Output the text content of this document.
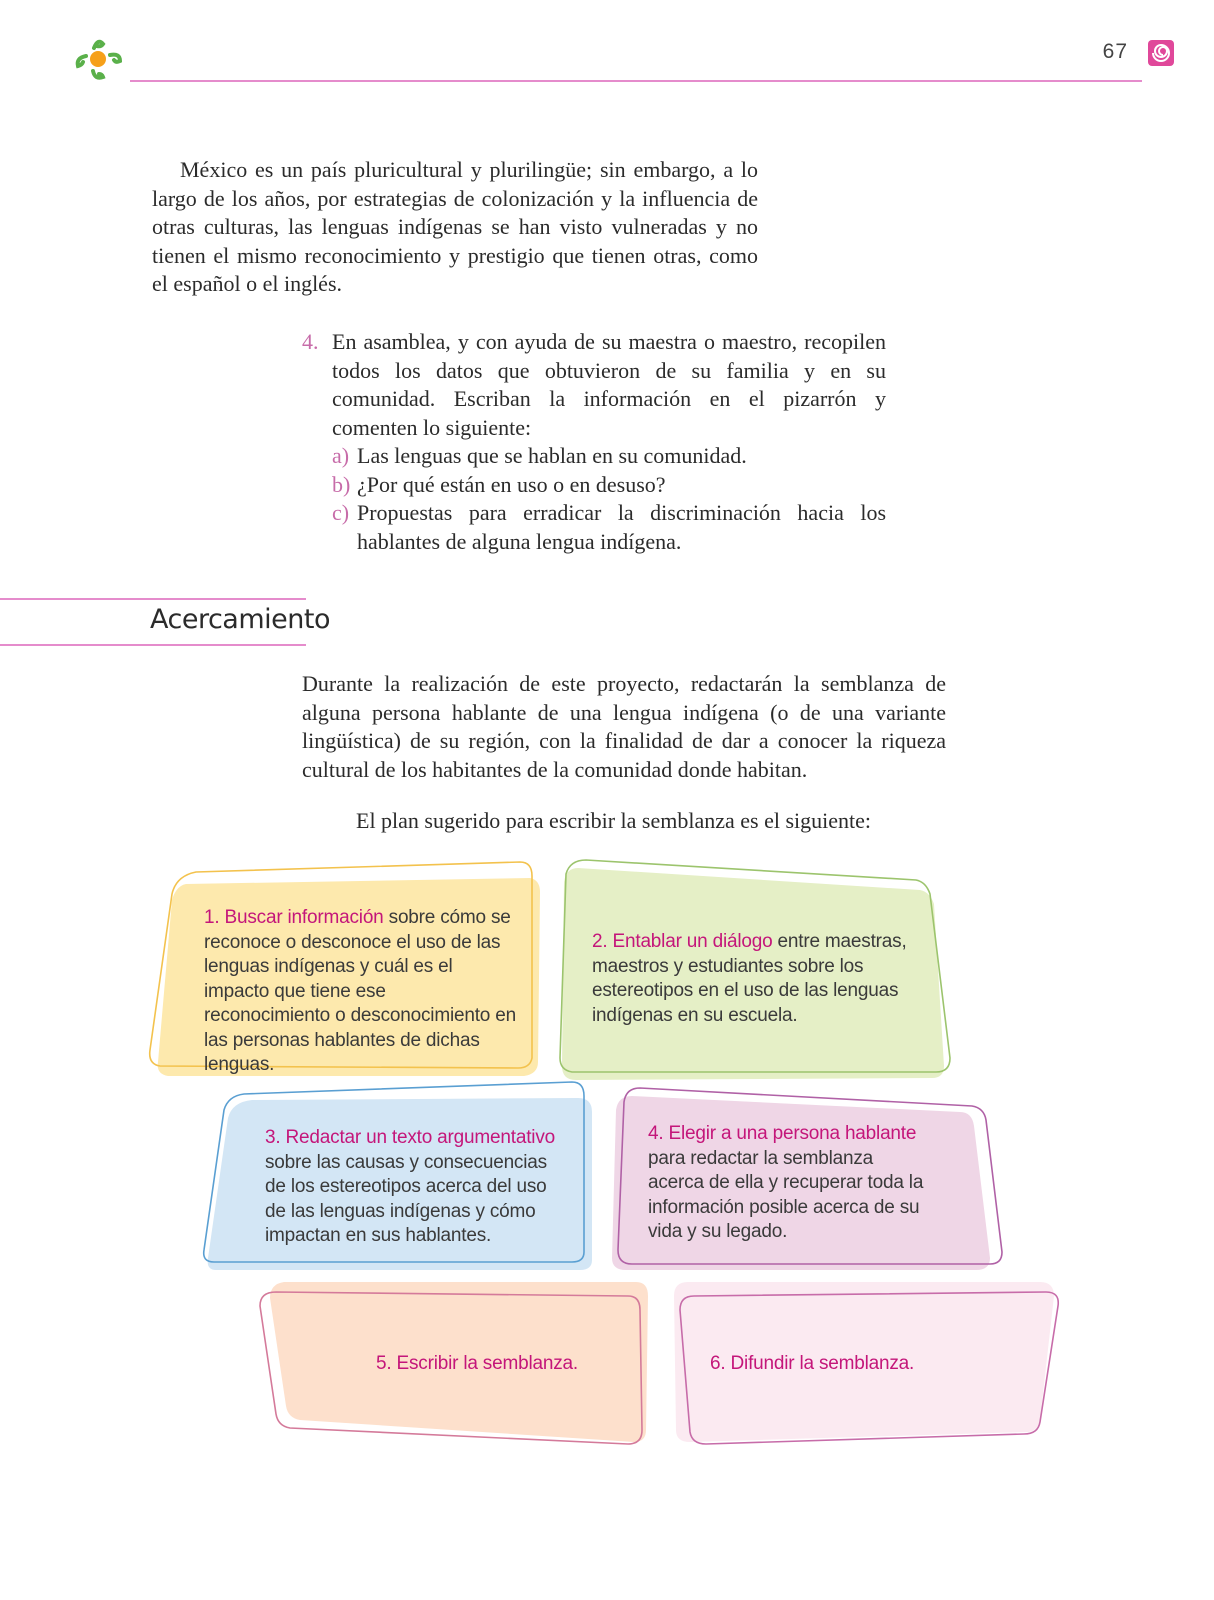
67

México es un país pluricultural y plurilingüe; sin embargo, a lo largo de los años, por estrategias de colonización y la influencia de otras culturas, las lenguas indígenas se han visto vulneradas y no tienen el mismo reconocimiento y prestigio que tienen otras, como el español o el inglés.

4. En asamblea, y con ayuda de su maestra o maestro, recopilen todos los datos que obtuvieron de su familia y en su comunidad. Escriban la información en el pizarrón y comenten lo siguiente:
a) Las lenguas que se hablan en su comunidad.
b) ¿Por qué están en uso o en desuso?
c) Propuestas para erradicar la discriminación hacia los hablantes de alguna lengua indígena.
Acercamiento

Durante la realización de este proyecto, redactarán la semblanza de alguna persona hablante de una lengua indígena (o de una variante lingüística) de su región, con la finalidad de dar a conocer la riqueza cultural de los habitantes de la comunidad donde habitan.

El plan sugerido para escribir la semblanza es el siguiente:
1. Buscar información sobre cómo se reconoce o desconoce el uso de las lenguas indígenas y cuál es el impacto que tiene ese reconocimiento o desconocimiento en las personas hablantes de dichas lenguas.
2. Entablar un diálogo entre maestras, maestros y estudiantes sobre los estereotipos en el uso de las lenguas indígenas en su escuela.
3. Redactar un texto argumentativo sobre las causas y consecuencias de los estereotipos acerca del uso de las lenguas indígenas y cómo impactan en sus hablantes.
4. Elegir a una persona hablante para redactar la semblanza acerca de ella y recuperar toda la información posible acerca de su vida y su legado.
5. Escribir la semblanza.	6. Difundir la semblanza.
